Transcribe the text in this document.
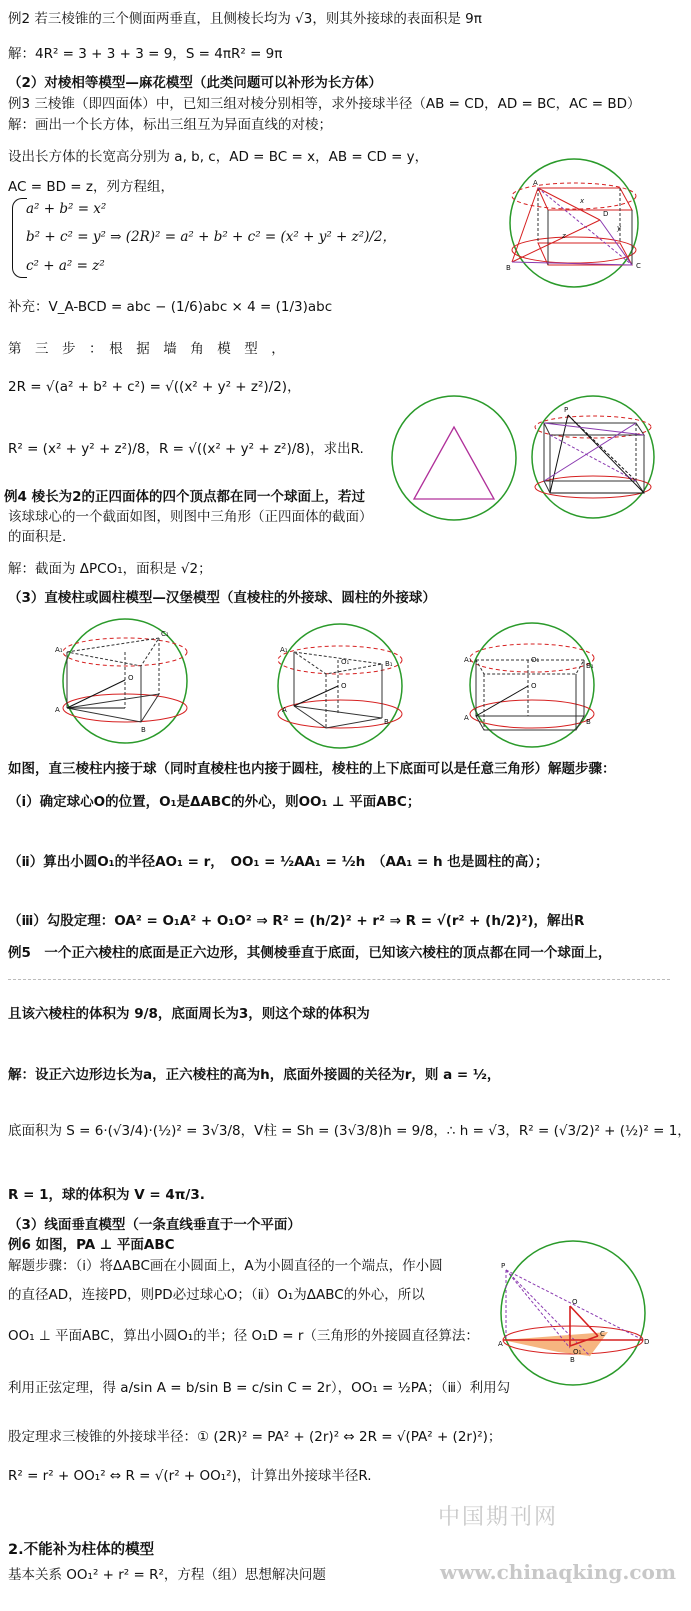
例2 若三棱锥的三个侧面两垂直，且侧棱长均为 √3，则其外接球的表面积是 9π
解：4R² = 3 + 3 + 3 = 9，S = 4πR² = 9π
（2）对棱相等模型—麻花模型（此类问题可以补形为长方体）
例3 三棱锥（即四面体）中，已知三组对棱分别相等，求外接球半径（AB = CD，AD = BC，AC = BD）
解：画出一个长方体，标出三组互为异面直线的对棱；
设出长方体的长宽高分别为 a, b, c，AD = BC = x，AB = CD = y，
AC = BD = z，列方程组，
a² + b² = x²
b² + c² = y² ⇒ (2R)² = a² + b² + c² = (x² + y² + z²)/2，
c² + a² = z²
补充：V_A-BCD = abc − (1/6)abc × 4 = (1/3)abc
第　三　步　：　根　据　墙　角　模　型　，
2R = √(a² + b² + c²) = √((x² + y² + z²)/2)，
R² = (x² + y² + z²)/8，R = √((x² + y² + z²)/8)，求出R.
例4 棱长为2的正四面体的四个顶点都在同一个球面上，若过
该球球心的一个截面如图，则图中三角形（正四面体的截面）
的面积是.
解：截面为 ΔPCO₁，面积是 √2；
（3）直棱柱或圆柱模型—汉堡模型（直棱柱的外接球、圆柱的外接球）
如图，直三棱柱内接于球（同时直棱柱也内接于圆柱，棱柱的上下底面可以是任意三角形）解题步骤：
（ⅰ）确定球心O的位置，O₁是ΔABC的外心，则OO₁ ⊥ 平面ABC；
（ⅱ）算出小圆O₁的半径AO₁ = r，　OO₁ = ½AA₁ = ½h　（AA₁ = h 也是圆柱的高）；
（ⅲ）勾股定理：OA² = O₁A² + O₁O² ⇒ R² = (h/2)² + r² ⇒ R = √(r² + (h/2)²)，解出R
例5　一个正六棱柱的底面是正六边形，其侧棱垂直于底面，已知该六棱柱的顶点都在同一个球面上，
且该六棱柱的体积为 9/8，底面周长为3，则这个球的体积为
解：设正六边形边长为a，正六棱柱的高为h，底面外接圆的关径为r，则 a = ½，
底面积为 S = 6·(√3/4)·(½)² = 3√3/8，V柱 = Sh = (3√3/8)h = 9/8，∴ h = √3，R² = (√3/2)² + (½)² = 1，
R = 1，球的体积为 V = 4π/3.
（3）线面垂直模型（一条直线垂直于一个平面）
例6 如图，PA ⊥ 平面ABC
解题步骤：（ⅰ）将ΔABC画在小圆面上，A为小圆直径的一个端点，作小圆
的直径AD，连接PD，则PD必过球心O；（ⅱ）O₁为ΔABC的外心，所以
OO₁ ⊥ 平面ABC，算出小圆O₁的半；径 O₁D = r（三角形的外接圆直径算法：
利用正弦定理，得 a/sin A = b/sin B = c/sin C = 2r），OO₁ = ½PA；（ⅲ）利用勾
股定理求三棱锥的外接球半径：① (2R)² = PA² + (2r)² ⇔ 2R = √(PA² + (2r)²)；
R² = r² + OO₁² ⇔ R = √(r² + OO₁²)，计算出外接球半径R.
2.不能补为柱体的模型
基本关系 OO₁² + r² = R²，方程（组）思想解决问题
A
B	C
D
x
y
z
P
A₁
C₁
O
A
B
A₁
B₁
O₁
O
A
B
A₁
B₁
O₁
O
A	B
P
A
B
C
D
O
O₁
中国期刊网
www.chinaqking.com
